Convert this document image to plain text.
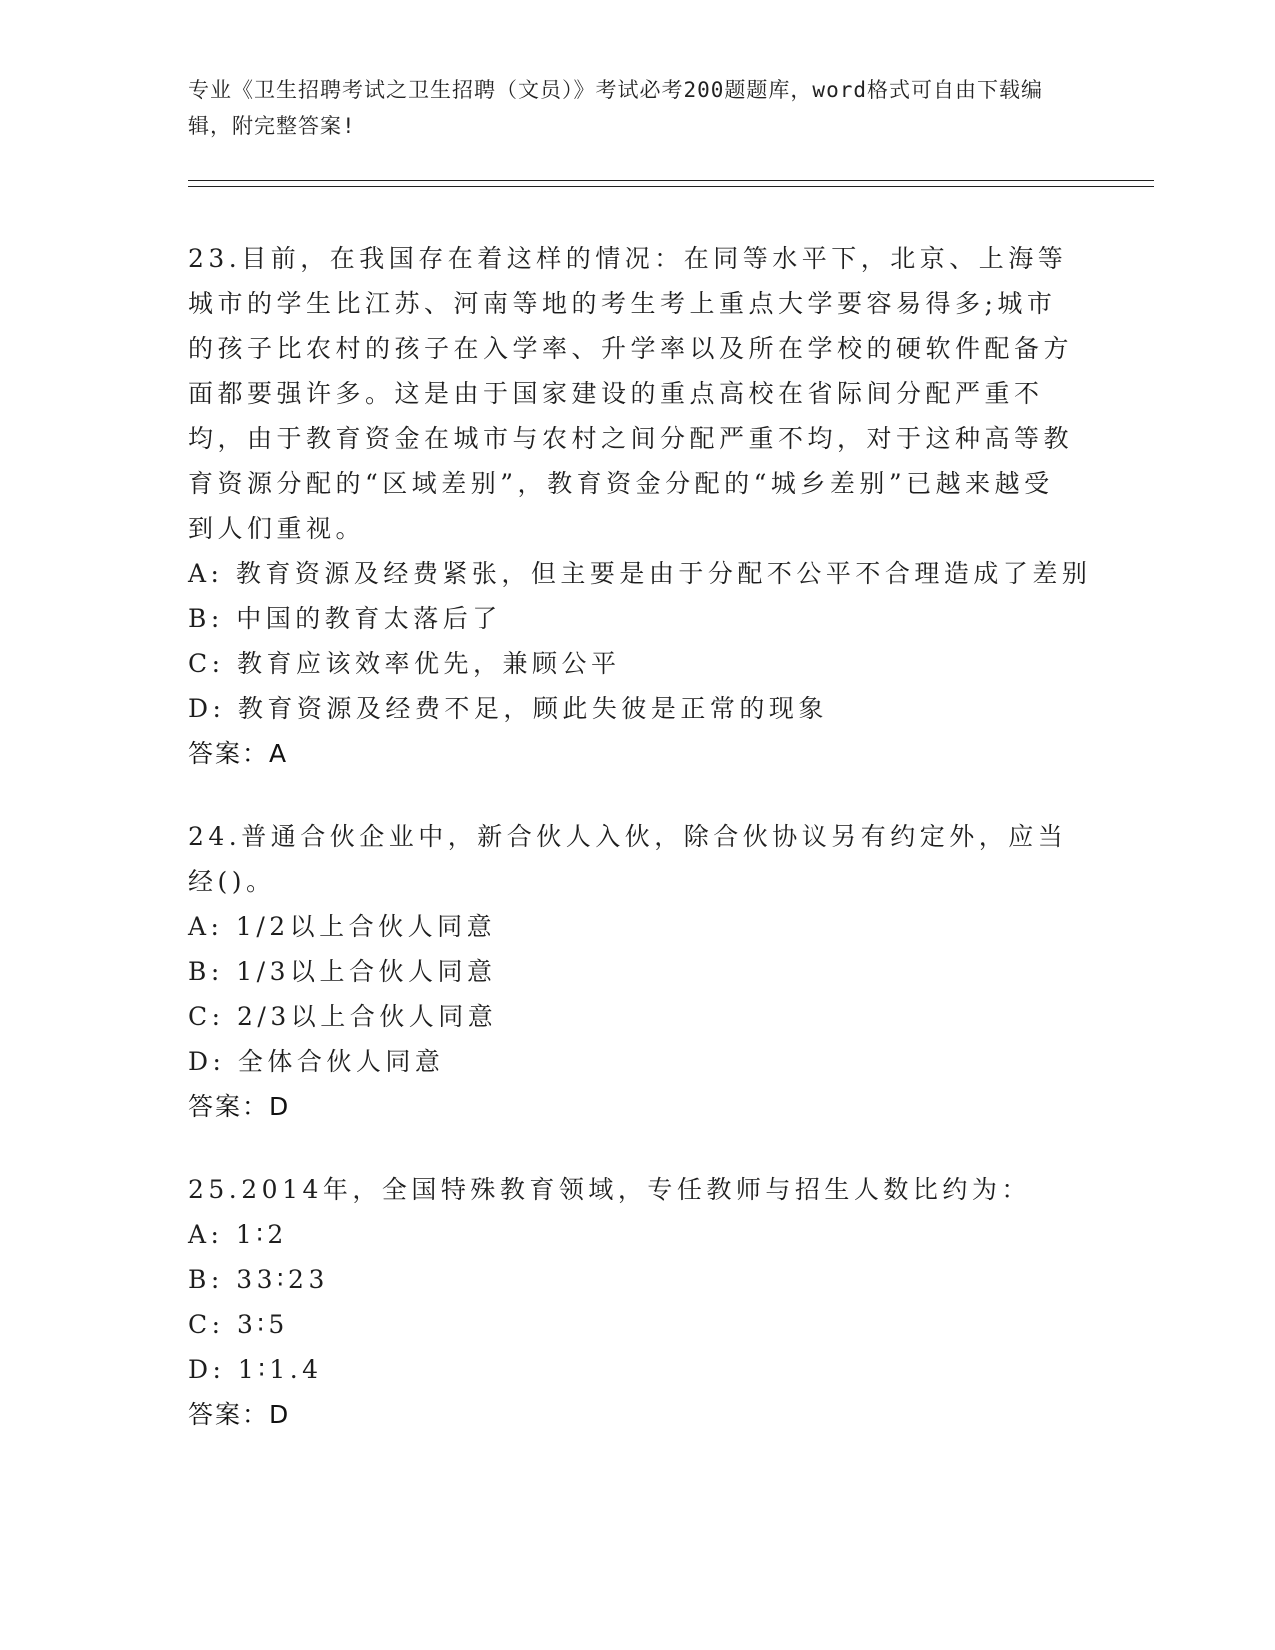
专业《卫生招聘考试之卫生招聘（文员）》考试必考200题题库，word格式可自由下载编辑，附完整答案!
23.目前，在我国存在着这样的情况：在同等水平下，北京、上海等城市的学生比江苏、河南等地的考生考上重点大学要容易得多;城市的孩子比农村的孩子在入学率、升学率以及所在学校的硬软件配备方面都要强许多。这是由于国家建设的重点高校在省际间分配严重不均，由于教育资金在城市与农村之间分配严重不均，对于这种高等教育资源分配的“区域差别”，教育资金分配的“城乡差别”已越来越受到人们重视。
A: 教育资源及经费紧张，但主要是由于分配不公平不合理造成了差别
B: 中国的教育太落后了
C: 教育应该效率优先，兼顾公平
D: 教育资源及经费不足，顾此失彼是正常的现象
答案：A
24.普通合伙企业中，新合伙人入伙，除合伙协议另有约定外，应当经()。
A: 1/2以上合伙人同意
B: 1/3以上合伙人同意
C: 2/3以上合伙人同意
D: 全体合伙人同意
答案：D
25.2014年，全国特殊教育领域，专任教师与招生人数比约为：
A: 1∶2
B: 33∶23
C: 3∶5
D: 1∶1.4
答案：D
